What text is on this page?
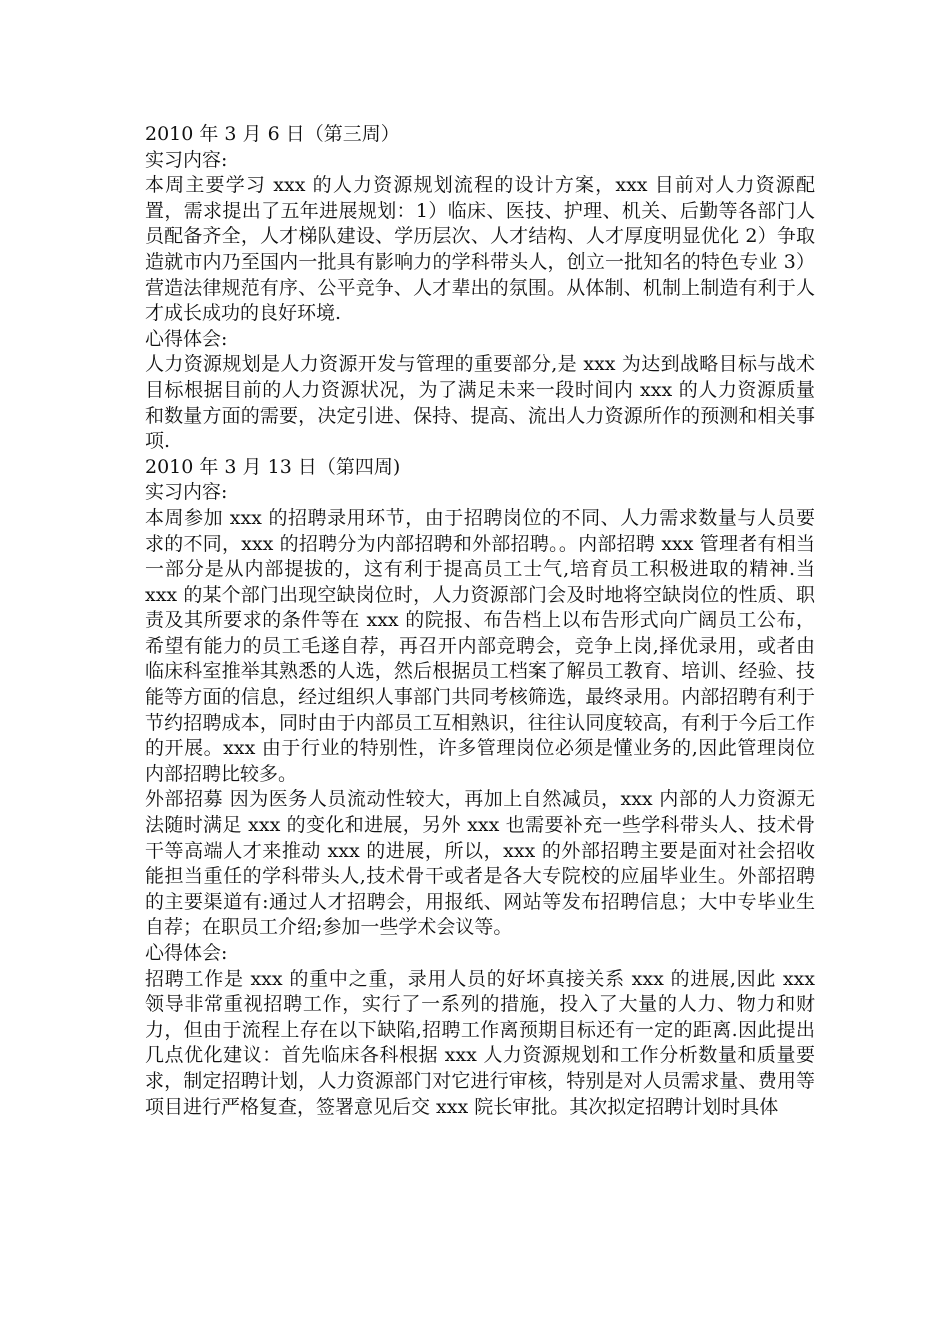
2010 年 3 月 6 日（第三周）

实习内容:

本周主要学习 xxx 的人力资源规划流程的设计方案，xxx 目前对人力资源配置，需求提出了五年进展规划：1）临床、医技、护理、机关、后勤等各部门人员配备齐全，人才梯队建设、学历层次、人才结构、人才厚度明显优化 2）争取造就市内乃至国内一批具有影响力的学科带头人，创立一批知名的特色专业 3）营造法律规范有序、公平竞争、人才辈出的氛围。从体制、机制上制造有利于人才成长成功的良好环境.

心得体会:

人力资源规划是人力资源开发与管理的重要部分,是 xxx 为达到战略目标与战术目标根据目前的人力资源状况，为了满足未来一段时间内 xxx 的人力资源质量和数量方面的需要，决定引进、保持、提高、流出人力资源所作的预测和相关事项.

2010 年 3 月 13 日（第四周)

实习内容:

本周参加 xxx 的招聘录用环节，由于招聘岗位的不同、人力需求数量与人员要求的不同，xxx 的招聘分为内部招聘和外部招聘。。内部招聘 xxx 管理者有相当一部分是从内部提拔的，这有利于提高员工士气,培育员工积极进取的精神.当 xxx 的某个部门出现空缺岗位时，人力资源部门会及时地将空缺岗位的性质、职责及其所要求的条件等在 xxx 的院报、布告档上以布告形式向广阔员工公布，希望有能力的员工毛遂自荐，再召开内部竞聘会，竞争上岗,择优录用，或者由临床科室推举其熟悉的人选，然后根据员工档案了解员工教育、培训、经验、技能等方面的信息，经过组织人事部门共同考核筛选，最终录用。内部招聘有利于节约招聘成本，同时由于内部员工互相熟识，往往认同度较高，有利于今后工作的开展。xxx 由于行业的特别性，许多管理岗位必须是懂业务的,因此管理岗位内部招聘比较多。

外部招募 因为医务人员流动性较大，再加上自然减员，xxx 内部的人力资源无法随时满足 xxx 的变化和进展，另外 xxx 也需要补充一些学科带头人、技术骨干等高端人才来推动 xxx 的进展，所以，xxx 的外部招聘主要是面对社会招收能担当重任的学科带头人,技术骨干或者是各大专院校的应届毕业生。外部招聘的主要渠道有:通过人才招聘会，用报纸、网站等发布招聘信息；大中专毕业生自荐；在职员工介绍;参加一些学术会议等。

心得体会:

招聘工作是 xxx 的重中之重，录用人员的好坏真接关系 xxx 的进展,因此 xxx 领导非常重视招聘工作，实行了一系列的措施，投入了大量的人力、物力和财力，但由于流程上存在以下缺陷,招聘工作离预期目标还有一定的距离.因此提出几点优化建议：首先临床各科根据 xxx 人力资源规划和工作分析数量和质量要求，制定招聘计划，人力资源部门对它进行审核，特别是对人员需求量、费用等项目进行严格复查，签署意见后交 xxx 院长审批。其次拟定招聘计划时具体
